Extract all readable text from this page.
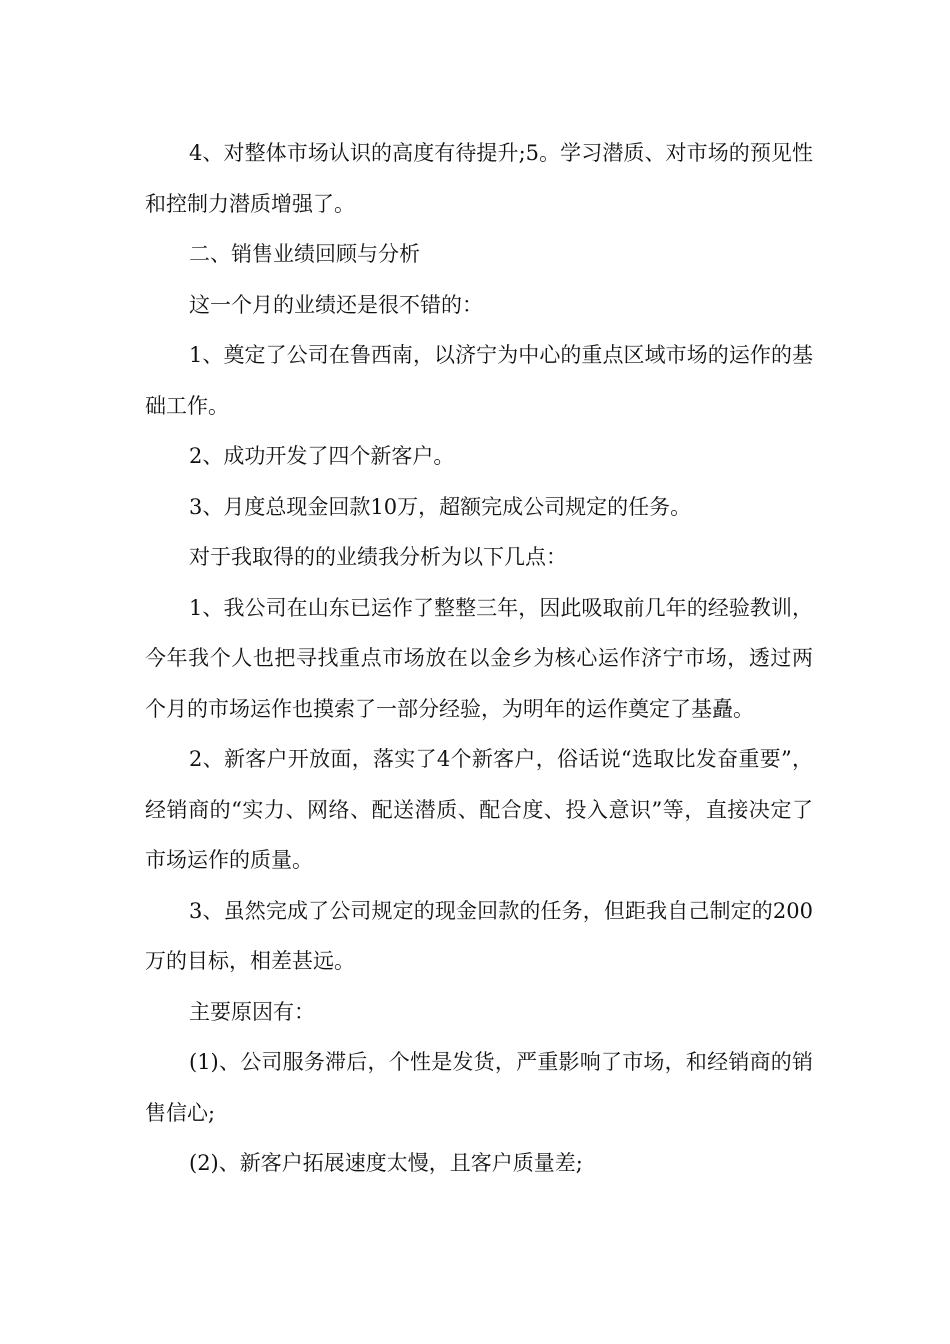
4、对整体市场认识的高度有待提升;5。学习潜质、对市场的预见性和控制力潜质增强了。

二、销售业绩回顾与分析

这一个月的业绩还是很不错的：

1、奠定了公司在鲁西南，以济宁为中心的重点区域市场的运作的基础工作。

2、成功开发了四个新客户。

3、月度总现金回款10万，超额完成公司规定的任务。

对于我取得的的业绩我分析为以下几点：

1、我公司在山东已运作了整整三年，因此吸取前几年的经验教训，今年我个人也把寻找重点市场放在以金乡为核心运作济宁市场，透过两个月的市场运作也摸索了一部分经验，为明年的运作奠定了基矗。

2、新客户开放面，落实了4个新客户，俗话说“选取比发奋重要”，经销商的“实力、网络、配送潜质、配合度、投入意识”等，直接决定了市场运作的质量。

3、虽然完成了公司规定的现金回款的任务，但距我自己制定的200万的目标，相差甚远。

主要原因有：

(1)、公司服务滞后，个性是发货，严重影响了市场，和经销商的销售信心;

(2)、新客户拓展速度太慢，且客户质量差;
